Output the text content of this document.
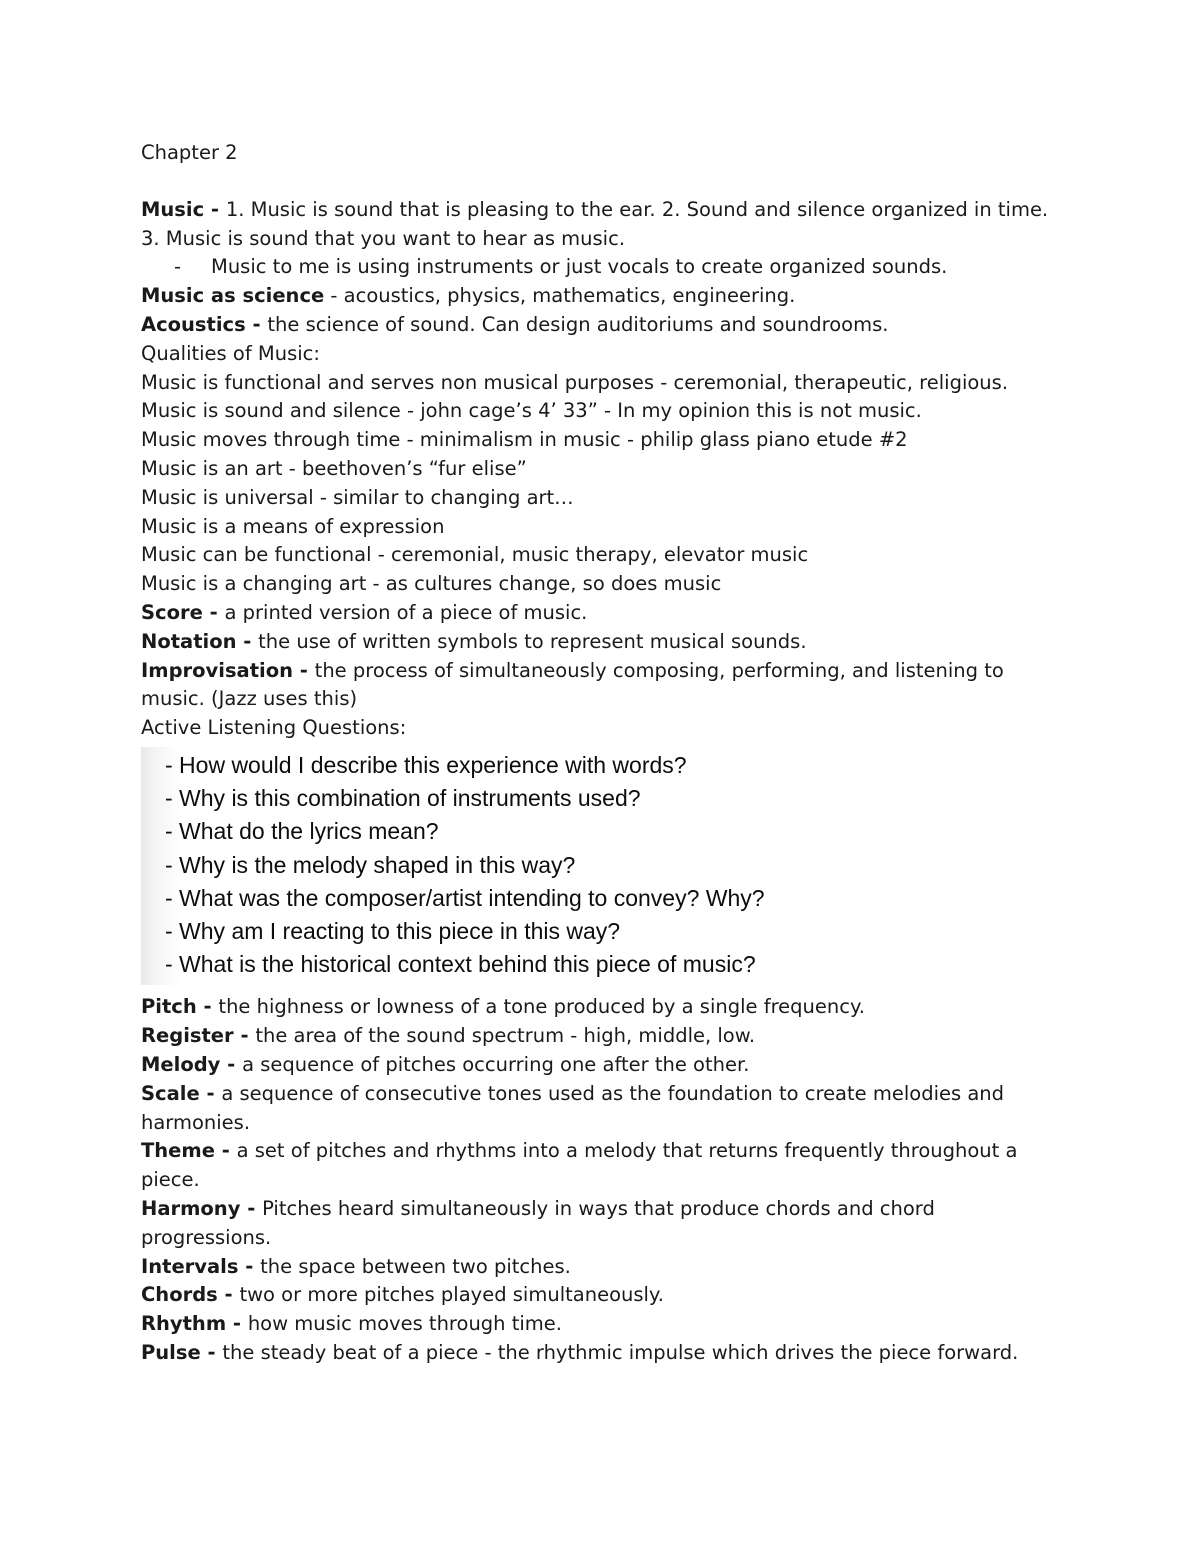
Chapter 2

Music - 1. Music is sound that is pleasing to the ear. 2. Sound and silence organized in time. 3. Music is sound that you want to hear as music.

- Music to me is using instruments or just vocals to create organized sounds.

Music as science - acoustics, physics, mathematics, engineering.

Acoustics - the science of sound. Can design auditoriums and soundrooms.

Qualities of Music:

Music is functional and serves non musical purposes - ceremonial, therapeutic, religious.

Music is sound and silence - john cage’s 4’ 33” - In my opinion this is not music.

Music moves through time - minimalism in music - philip glass piano etude #2

Music is an art - beethoven’s “fur elise”

Music is universal - similar to changing art…

Music is a means of expression

Music can be functional - ceremonial, music therapy, elevator music

Music is a changing art - as cultures change, so does music

Score - a printed version of a piece of music.

Notation - the use of written symbols to represent musical sounds.

Improvisation - the process of simultaneously composing, performing, and listening to music. (Jazz uses this)

Active Listening Questions:

- How would I describe this experience with words?

- Why is this combination of instruments used?

- What do the lyrics mean?

- Why is the melody shaped in this way?

- What was the composer/artist intending to convey? Why?

- Why am I reacting to this piece in this way?

- What is the historical context behind this piece of music?

Pitch - the highness or lowness of a tone produced by a single frequency.

Register - the area of the sound spectrum - high, middle, low.

Melody - a sequence of pitches occurring one after the other.

Scale - a sequence of consecutive tones used as the foundation to create melodies and harmonies.

Theme - a set of pitches and rhythms into a melody that returns frequently throughout a piece.

Harmony - Pitches heard simultaneously in ways that produce chords and chord progressions.

Intervals - the space between two pitches.

Chords - two or more pitches played simultaneously.

Rhythm - how music moves through time.

Pulse - the steady beat of a piece - the rhythmic impulse which drives the piece forward.
